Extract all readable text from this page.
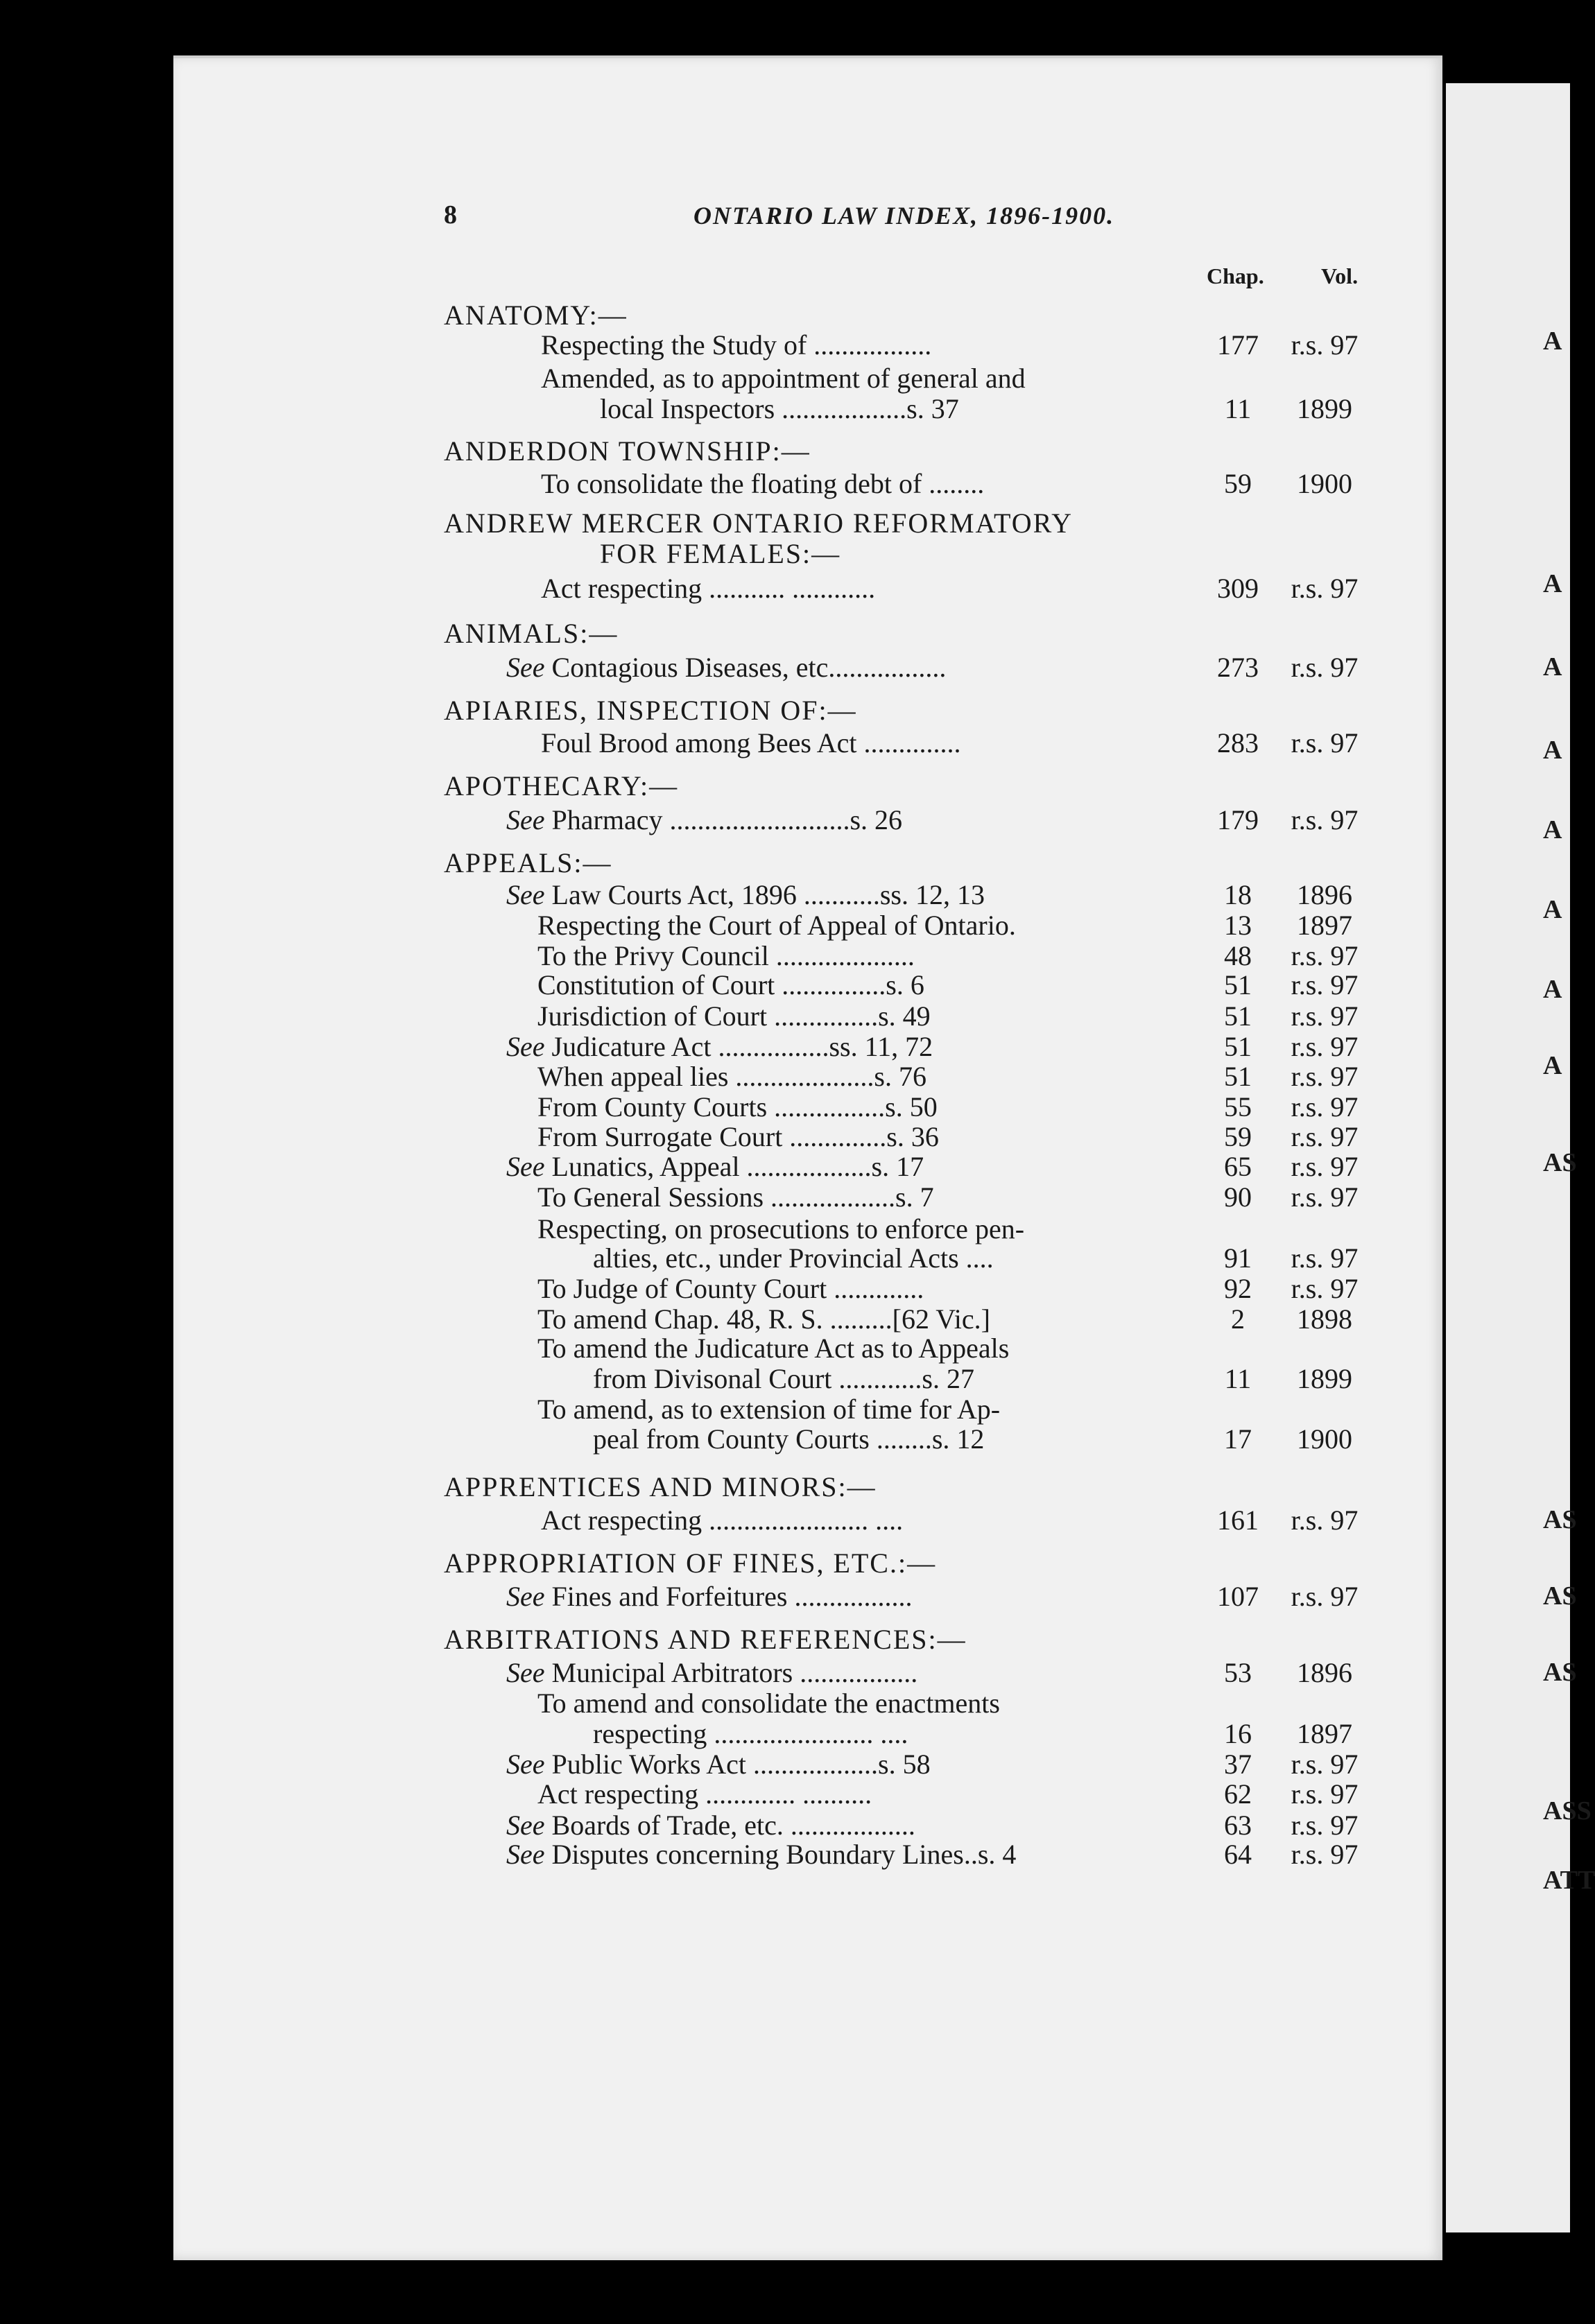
8	ONTARIO LAW INDEX, 1896-1900.
Chap.	Vol.
ANATOMY:—
Respecting the Study of .................	177	r.s. 97
Amended, as to appointment of general and
local Inspectors ..................s. 37	11	1899
ANDERDON TOWNSHIP:—
To consolidate the floating debt of ........	59	1900
ANDREW MERCER ONTARIO REFORMATORY
FOR FEMALES:—
Act respecting ........... ............	309	r.s. 97
ANIMALS:—
See Contagious Diseases, etc.................	273	r.s. 97
APIARIES, INSPECTION OF:—
Foul Brood among Bees Act ..............	283	r.s. 97
APOTHECARY:—
See Pharmacy ..........................s. 26	179	r.s. 97
APPEALS:—
See Law Courts Act, 1896 ...........ss. 12, 13	18	1896
Respecting the Court of Appeal of Ontario.	13	1897
To the Privy Council ....................	48	r.s. 97
Constitution of Court ...............s. 6	51	r.s. 97
Jurisdiction of Court ...............s. 49	51	r.s. 97
See Judicature Act ................ss. 11, 72	51	r.s. 97
When appeal lies ....................s. 76	51	r.s. 97
From County Courts ................s. 50	55	r.s. 97
From Surrogate Court ..............s. 36	59	r.s. 97
See Lunatics, Appeal ..................s. 17	65	r.s. 97
To General Sessions ..................s. 7	90	r.s. 97
Respecting, on prosecutions to enforce pen-
alties, etc., under Provincial Acts ....	91	r.s. 97
To Judge of County Court .............	92	r.s. 97
To amend Chap. 48, R. S. .........[62 Vic.]	2	1898
To amend the Judicature Act as to Appeals
from Divisonal Court ............s. 27	11	1899
To amend, as to extension of time for Ap-
peal from County Courts ........s. 12	17	1900
APPRENTICES AND MINORS:—
Act respecting ....................... ....	161	r.s. 97
APPROPRIATION OF FINES, ETC.:—
See Fines and Forfeitures .................	107	r.s. 97
ARBITRATIONS AND REFERENCES:—
See Municipal Arbitrators .................	53	1896
To amend and consolidate the enactments
respecting ....................... ....	16	1897
See Public Works Act ..................s. 58	37	r.s. 97
Act respecting ............. ..........	62	r.s. 97
See Boards of Trade, etc. ..................	63	r.s. 97
See Disputes concerning Boundary Lines..s. 4	64	r.s. 97
A
A
A
A
A
A
A
A
AS
AS
AS
AS
ASS
ATT
